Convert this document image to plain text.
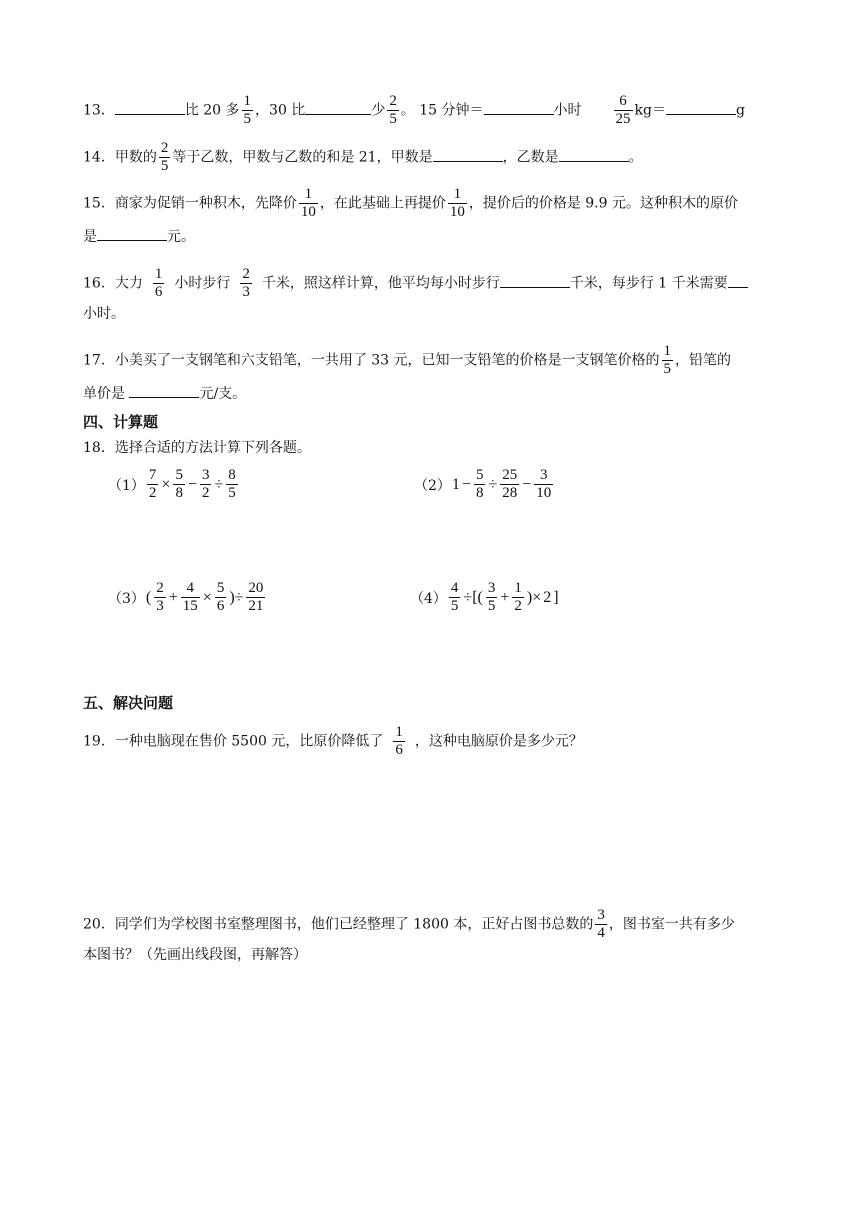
13．	比 20 多 $\frac{1}{5}$ ，30 比	少 $\frac{2}{5}$ 。 15 分钟＝	小时 $\frac{6}{25} kg=$	g
14．甲数的 $\frac{2}{5}$ 等于乙数，甲数与乙数的和是 21，甲数是	，乙数是	。
15．商家为促销一种积木，先降价 $\frac{1}{10}$ ，在此基础上再提价 $\frac{1}{10}$ ，提价后的价格是 9.9 元。这种积木的原价
是	元。
16．大力 $\frac{1}{6}$ 小时步行 $\frac{2}{3}$ 千米，照这样计算，他平均每小时步行	千米，每步行 1 千米需要
小时。
17．小美买了一支钢笔和六支铅笔，一共用了 33 元，已知一支铅笔的价格是一支钢笔价格的 $\frac{1}{5}$ ，铅笔的
单价是	元/支。
四、计算题
18．选择合适的方法计算下列各题。
$(1) \frac{7}{2} \times \frac{5}{8} - \frac{3}{2} \div \frac{8}{5}$	（2） $1 - \frac{5}{8} \div \frac{25}{28} - \frac{3}{10}$
（3） (
2
3
+ $\frac{4}{15} \times \frac{5}{6}$ )÷ $\frac{20}{21}$	$(4) \frac{4}{5}$ ÷[(
3
5
+ $\frac{1}{2}$ )× 2 ]
五、解决问题
19．一种电脑现在售价 5500 元，比原价降低了 $\frac{1}{6}$ ，这种电脑原价是多少元？
20．同学们为学校图书室整理图书，他们已经整理了 1800 本，正好占图书总数的 $\frac{3}{4}$ ，图书室一共有多少
本图书？（先画出线段图，再解答）
